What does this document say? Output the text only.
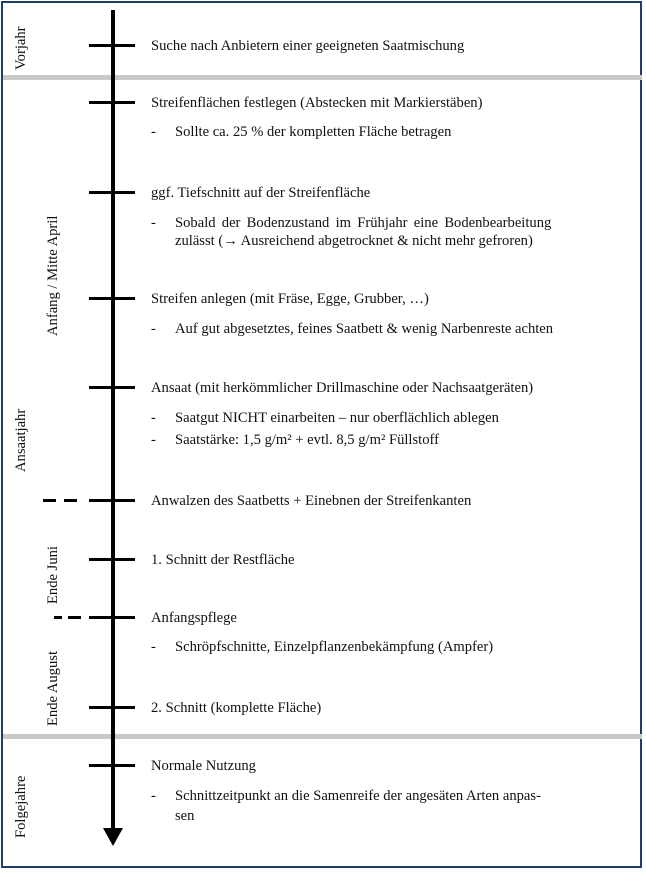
Vorjahr
Ansaatjahr
Folgejahre
Anfang / Mitte April
Ende Juni
Ende August
Suche nach Anbietern einer geeigneten Saatmischung
Streifenflächen festlegen (Abstecken mit Markierstäben)
- Sollte ca. 25 % der kompletten Fläche betragen
ggf. Tiefschnitt auf der Streifenfläche
- Sobald der Bodenzustand im Frühjahr eine Bodenbearbeitung
zulässt (→ Ausreichend abgetrocknet & nicht mehr gefroren)
Streifen anlegen (mit Fräse, Egge, Grubber, …)
- Auf gut abgesetztes, feines Saatbett & wenig Narbenreste achten
Ansaat (mit herkömmlicher Drillmaschine oder Nachsaatgeräten)
- Saatgut NICHT einarbeiten – nur oberflächlich ablegen
- Saatstärke: 1,5 g/m² + evtl. 8,5 g/m² Füllstoff
Anwalzen des Saatbetts + Einebnen der Streifenkanten
1. Schnitt der Restfläche
Anfangspflege
- Schröpfschnitte, Einzelpflanzenbekämpfung (Ampfer)
2. Schnitt (komplette Fläche)
Normale Nutzung
- Schnittzeitpunkt an die Samenreife der angesäten Arten anpas-
sen
